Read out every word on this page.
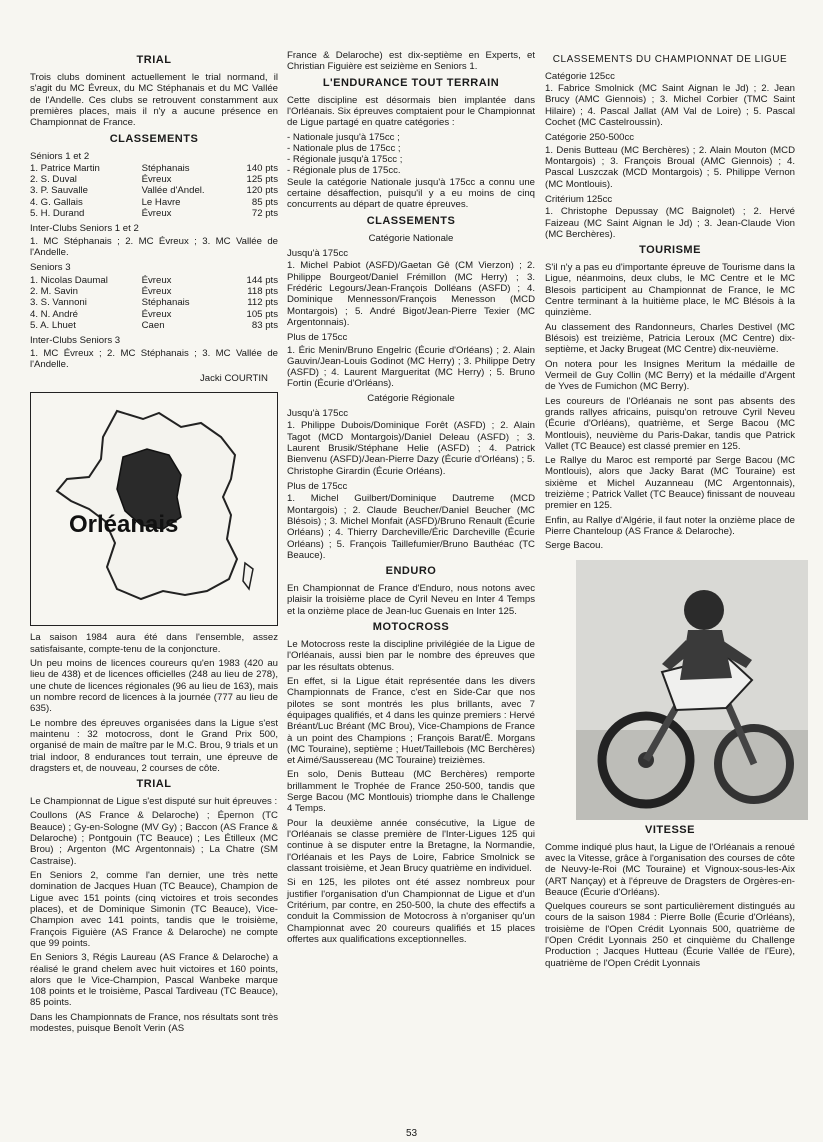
TRIAL

Trois clubs dominent actuellement le trial normand, il s'agit du MC Évreux, du MC Stéphanais et du MC Vallée de l'Andelle. Ces clubs se retrouvent constamment aux premières places, mais il n'y a aucune présence en Championnat de France.

CLASSEMENTS
Séniors 1 et 2
1. Patrice Martin	Stéphanais	140 pts
2. S. Duval	Évreux	125 pts
3. P. Sauvalle	Vallée d'Andel.	120 pts
4. G. Gallais	Le Havre	85 pts
5. H. Durand	Évreux	72 pts
Inter-Clubs Seniors 1 et 2

1. MC Stéphanais ; 2. MC Évreux ; 3. MC Vallée de l'Andelle.

Seniors 3
1. Nicolas Daumal	Évreux	144 pts
2. M. Savin	Évreux	118 pts
3. S. Vannoni	Stéphanais	112 pts
4. N. André	Évreux	105 pts
5. A. Lhuet	Caen	83 pts
Inter-Clubs Seniors 3

1. MC Évreux ; 2. MC Stéphanais ; 3. MC Vallée de l'Andelle.

Jacki COURTIN
Orléanais

La saison 1984 aura été dans l'ensemble, assez satisfaisante, compte-tenu de la conjoncture.

Un peu moins de licences coureurs qu'en 1983 (420 au lieu de 438) et de licences officielles (248 au lieu de 278), une chute de licences régionales (96 au lieu de 163), mais un nombre record de licences à la journée (777 au lieu de 635).

Le nombre des épreuves organisées dans la Ligue s'est maintenu : 32 motocross, dont le Grand Prix 500, organisé de main de maître par le M.C. Brou, 9 trials et un trial indoor, 8 endurances tout terrain, une épreuve de dragsters et, de nouveau, 2 courses de côte.

TRIAL

Le Championnat de Ligue s'est disputé sur huit épreuves :

Coullons (AS France & Delaroche) ; Épernon (TC Beauce) ; Gy-en-Sologne (MV Gy) ; Baccon (AS France & Delaroche) ; Pontgouin (TC Beauce) ; Les Étilleux (MC Brou) ; Argenton (MC Argentonnais) ; La Chatre (SM Castraise).

En Seniors 2, comme l'an dernier, une très nette domination de Jacques Huan (TC Beauce), Champion de Ligue avec 151 points (cinq victoires et trois secondes places), et de Dominique Simonin (TC Beauce), Vice-Champion avec 141 points, tandis que le troisième, François Figuière (AS France & Delaroche) ne compte que 99 points.

En Seniors 3, Régis Laureau (AS France & Delaroche) a réalisé le grand chelem avec huit victoires et 160 points, alors que le Vice-Champion, Pascal Wanbeke marque 108 points et le troisième, Pascal Tardiveau (TC Beauce), 85 points.

Dans les Championnats de France, nos résultats sont très modestes, puisque Benoît Verin (AS

France & Delaroche) est dix-septième en Experts, et Christian Figuière est seizième en Seniors 1.

L'ENDURANCE TOUT TERRAIN

Cette discipline est désormais bien implantée dans l'Orléanais. Six épreuves comptaient pour le Championnat de Ligue partagé en quatre catégories :

- Nationale jusqu'à 175cc ;

- Nationale plus de 175cc ;

- Régionale jusqu'à 175cc ;

- Régionale plus de 175cc.

Seule la catégorie Nationale jusqu'à 175cc a connu une certaine désaffection, puisqu'il y a eu moins de cinq concurrents au départ de quatre épreuves.

CLASSEMENTS
Catégorie Nationale
Jusqu'à 175cc

1. Michel Pabiot (ASFD)/Gaetan Gê (CM Vierzon) ; 2. Philippe Bourgeot/Daniel Frémillon (MC Herry) ; 3. Frédéric Legours/Jean-François Dolléans (ASFD) ; 4. Dominique Mennesson/François Menesson (MCD Montargois) ; 5. André Bigot/Jean-Pierre Texier (MC Argentonnais).

Plus de 175cc

1. Éric Menin/Bruno Engelric (Écurie d'Orléans) ; 2. Alain Gauvin/Jean-Louis Godinot (MC Herry) ; 3. Philippe Detry (ASFD) ; 4. Laurent Margueritat (MC Herry) ; 5. Bruno Fortin (Écurie d'Orléans).

Catégorie Régionale
Jusqu'à 175cc

1. Philippe Dubois/Dominique Forêt (ASFD) ; 2. Alain Tagot (MCD Montargois)/Daniel Deleau (ASFD) ; 3. Laurent Brusik/Stéphane Helie (ASFD) ; 4. Patrick Bienvenu (ASFD)/Jean-Pierre Dazy (Écurie d'Orléans) ; 5. Christophe Girardin (Écurie Orléans).

Plus de 175cc

1. Michel Guilbert/Dominique Dautreme (MCD Montargois) ; 2. Claude Beucher/Daniel Beucher (MC Blésois) ; 3. Michel Monfait (ASFD)/Bruno Renault (Écurie Orléans) ; 4. Thierry Darcheville/Éric Darcheville (Écurie Orléans) ; 5. François Taillefumier/Bruno Bauthéac (TC Beauce).

ENDURO

En Championnat de France d'Enduro, nous notons avec plaisir la troisième place de Cyril Neveu en Inter 4 Temps et la onzième place de Jean-luc Guenais en Inter 125.

MOTOCROSS

Le Motocross reste la discipline privilégiée de la Ligue de l'Orléanais, aussi bien par le nombre des épreuves que par les résultats obtenus.

En effet, si la Ligue était représentée dans les divers Championnats de France, c'est en Side-Car que nos pilotes se sont montrés les plus brillants, avec 7 équipages qualifiés, et 4 dans les quinze premiers : Hervé Bréant/Luc Bréant (MC Brou), Vice-Champions de France à un point des Champions ; François Barat/É. Morgans (MC Touraine), septième ; Huet/Taillebois (MC Berchères) et Aimé/Saussereau (MC Touraine) treizièmes.

En solo, Denis Butteau (MC Berchères) remporte brillamment le Trophée de France 250-500, tandis que Serge Bacou (MC Montlouis) triomphe dans le Challenge 4 Temps.

Pour la deuxième année consécutive, la Ligue de l'Orléanais se classe première de l'Inter-Ligues 125 qui continue à se disputer entre la Bretagne, la Normandie, l'Orléanais et les Pays de Loire, Fabrice Smolnick se classant troisième, et Jean Brucy quatrième en individuel.

Si en 125, les pilotes ont été assez nombreux pour justifier l'organisation d'un Championnat de Ligue et d'un Critérium, par contre, en 250-500, la chute des effectifs a conduit la Commission de Motocross à n'organiser qu'un Championnat avec 20 coureurs qualifiés et 15 places offertes aux qualifications exceptionnelles.

CLASSEMENTS DU CHAMPIONNAT DE LIGUE
Catégorie 125cc

1. Fabrice Smolnick (MC Saint Aignan le Jd) ; 2. Jean Brucy (AMC Giennois) ; 3. Michel Corbier (TMC Saint Hilaire) ; 4. Pascal Jallat (AM Val de Loire) ; 5. Pascal Cochet (MC Castelroussin).

Catégorie 250-500cc

1. Denis Butteau (MC Berchères) ; 2. Alain Mouton (MCD Montargois) ; 3. François Broual (AMC Giennois) ; 4. Pascal Luszczak (MCD Montargois) ; 5. Philippe Vernon (MC Montlouis).

Critérium 125cc

1. Christophe Depussay (MC Baignolet) ; 2. Hervé Faizeau (MC Saint Aignan le Jd) ; 3. Jean-Claude Vion (MC Berchères).

TOURISME

S'il n'y a pas eu d'importante épreuve de Tourisme dans la Ligue, néanmoins, deux clubs, le MC Centre et le MC Blesois participent au Championnat de France, le MC Centre terminant à la huitième place, le MC Blésois à la quinzième.

Au classement des Randonneurs, Charles Destivel (MC Blésois) est treizième, Patricia Leroux (MC Centre) dix-septième, et Jacky Brugeat (MC Centre) dix-neuvième.

On notera pour les Insignes Meritum la médaille de Vermeil de Guy Collin (MC Berry) et la médaille d'Argent de Yves de Fumichon (MC Berry).

Les coureurs de l'Orléanais ne sont pas absents des grands rallyes africains, puisqu'on retrouve Cyril Neveu (Écurie d'Orléans), quatrième, et Serge Bacou (MC Montlouis), neuvième du Paris-Dakar, tandis que Patrick Vallet (TC Beauce) est classé premier en 125.

Le Rallye du Maroc est remporté par Serge Bacou (MC Montlouis), alors que Jacky Barat (MC Touraine) est sixième et Michel Auzanneau (MC Argentonnais), treizième ; Patrick Vallet (TC Beauce) finissant de nouveau premier en 125.

Enfin, au Rallye d'Algérie, il faut noter la onzième place de Pierre Chanteloup (AS France & Delaroche).

Serge Bacou.
VITESSE

Comme indiqué plus haut, la Ligue de l'Orléanais a renoué avec la Vitesse, grâce à l'organisation des courses de côte de Neuvy-le-Roi (MC Touraine) et Vignoux-sous-les-Aix (ART Nançay) et à l'épreuve de Dragsters de Orgères-en-Beauce (Écurie d'Orléans).

Quelques coureurs se sont particulièrement distingués au cours de la saison 1984 : Pierre Bolle (Écurie d'Orléans), troisième de l'Open Crédit Lyonnais 500, quatrième de l'Open Crédit Lyonnais 250 et cinquième du Challenge Production ; Jacques Hutteau (Écurie Vallée de l'Eure), quatrième de l'Open Crédit Lyonnais

53
